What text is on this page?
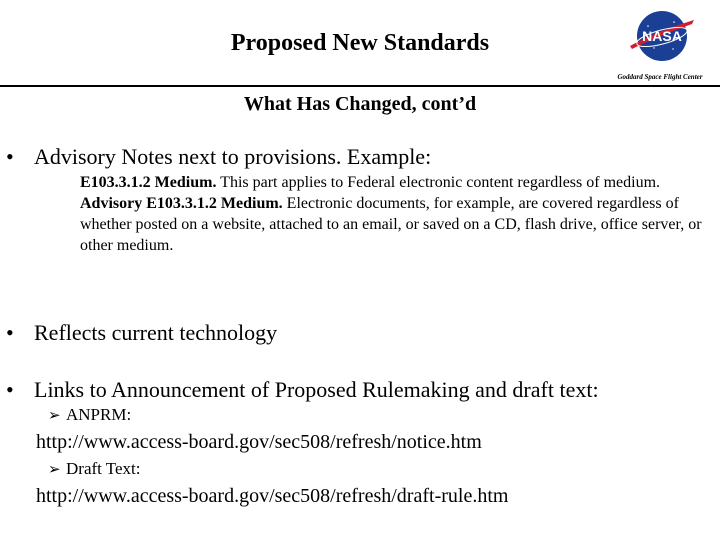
Proposed New Standards	NASA
Goddard Space Flight Center
What Has Changed, cont’d
• Advisory Notes next to provisions. Example:
E103.3.1.2 Medium. This part applies to Federal electronic content regardless of medium.
Advisory E103.3.1.2 Medium. Electronic documents, for example, are covered regardless of whether posted on a website, attached to an email, or saved on a CD, flash drive, office server, or other medium.
• Reflects current technology
• Links to Announcement of Proposed Rulemaking and draft text:
➢ ANPRM:
http://www.access-board.gov/sec508/refresh/notice.htm
➢ Draft Text:
http://www.access-board.gov/sec508/refresh/draft-rule.htm
